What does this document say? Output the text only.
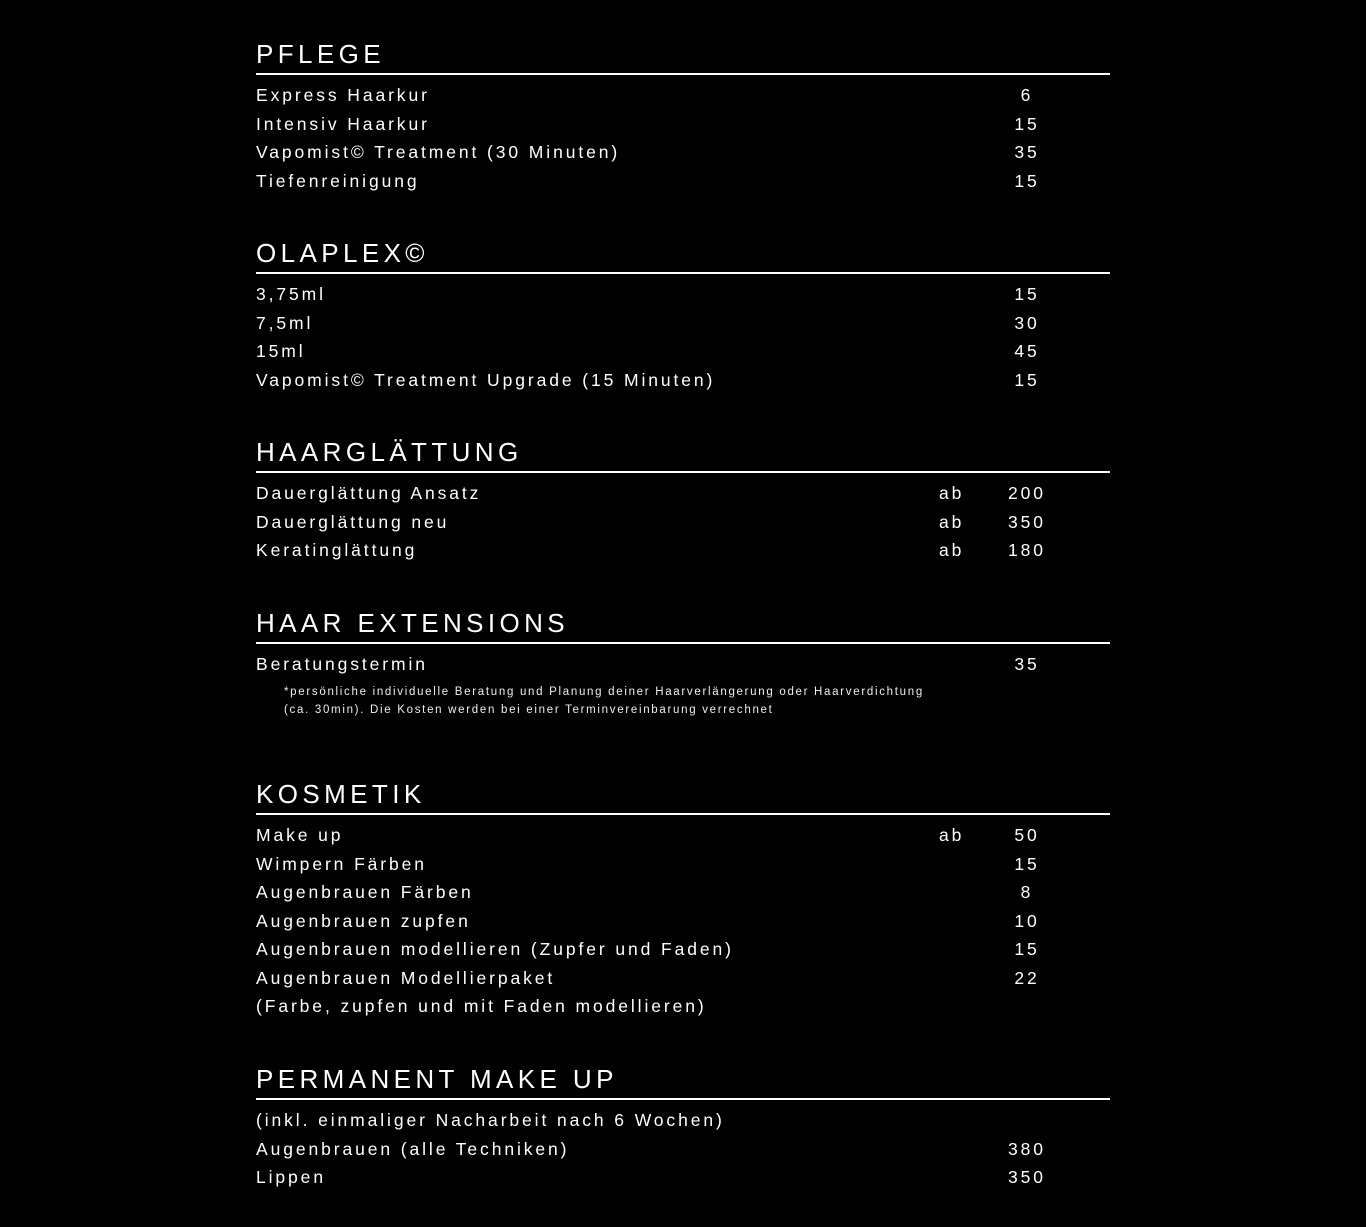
PFLEGE
Express Haarkur	6
Intensiv Haarkur	15
Vapomist© Treatment (30 Minuten)	35
Tiefenreinigung	15
OLAPLEX©
3,75ml	15
7,5ml	30
15ml	45
Vapomist© Treatment Upgrade (15 Minuten)	15
HAARGLÄTTUNG
Dauerglättung Ansatz	ab	200
Dauerglättung neu	ab	350
Keratinglättung	ab	180
HAAR EXTENSIONS
Beratungstermin	35
*persönliche individuelle Beratung und Planung deiner Haarverlängerung oder Haarverdichtung (ca. 30min). Die Kosten werden bei einer Terminvereinbarung verrechnet
KOSMETIK
Make up	ab	50
Wimpern Färben	15
Augenbrauen Färben	8
Augenbrauen zupfen	10
Augenbrauen modellieren (Zupfer und Faden)	15
Augenbrauen Modellierpaket	22
(Farbe, zupfen und mit Faden modellieren)
PERMANENT MAKE UP
(inkl. einmaliger Nacharbeit nach 6 Wochen)
Augenbrauen (alle Techniken)	380
Lippen	350
